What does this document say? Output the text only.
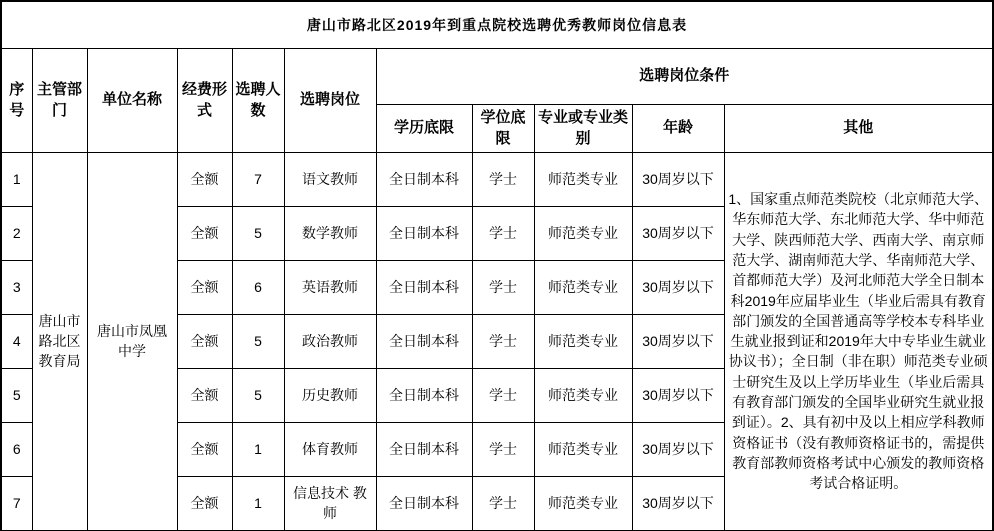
唐山市路北区2019年到重点院校选聘优秀教师岗位信息表										
序号	主管部门	单位名称	经费形式	选聘人数	选聘岗位	选聘岗位条件				
						学历底限	学位底限	专业或专业类别	年龄	其他
1	唐山市路北区教育局	唐山市凤凰中学	全额	7	语文教师	全日制本科	学士	师范类专业	30周岁以下	1、国家重点师范类院校（北京师范大学、华东师范大学、东北师范大学、华中师范大学、陕西师范大学、西南大学、南京师范大学、湖南师范大学、华南师范大学、首都师范大学）及河北师范大学全日制本科2019年应届毕业生（毕业后需具有教育部门颁发的全国普通高等学校本专科毕业生就业报到证和2019年大中专毕业生就业协议书）；全日制（非在职）师范类专业硕士研究生及以上学历毕业生（毕业后需具有教育部门颁发的全国毕业研究生就业报到证）。2、具有初中及以上相应学科教师资格证书（没有教师资格证书的，需提供教育部教师资格考试中心颁发的教师资格考试合格证明。
2			全额	5	数学教师	全日制本科	学士	师范类专业	30周岁以下	
3			全额	6	英语教师	全日制本科	学士	师范类专业	30周岁以下	
4			全额	5	政治教师	全日制本科	学士	师范类专业	30周岁以下	
5			全额	5	历史教师	全日制本科	学士	师范类专业	30周岁以下	
6			全额	1	体育教师	全日制本科	学士	师范类专业	30周岁以下	
7			全额	1	信息技术 教师	全日制本科	学士	师范类专业	30周岁以下	
